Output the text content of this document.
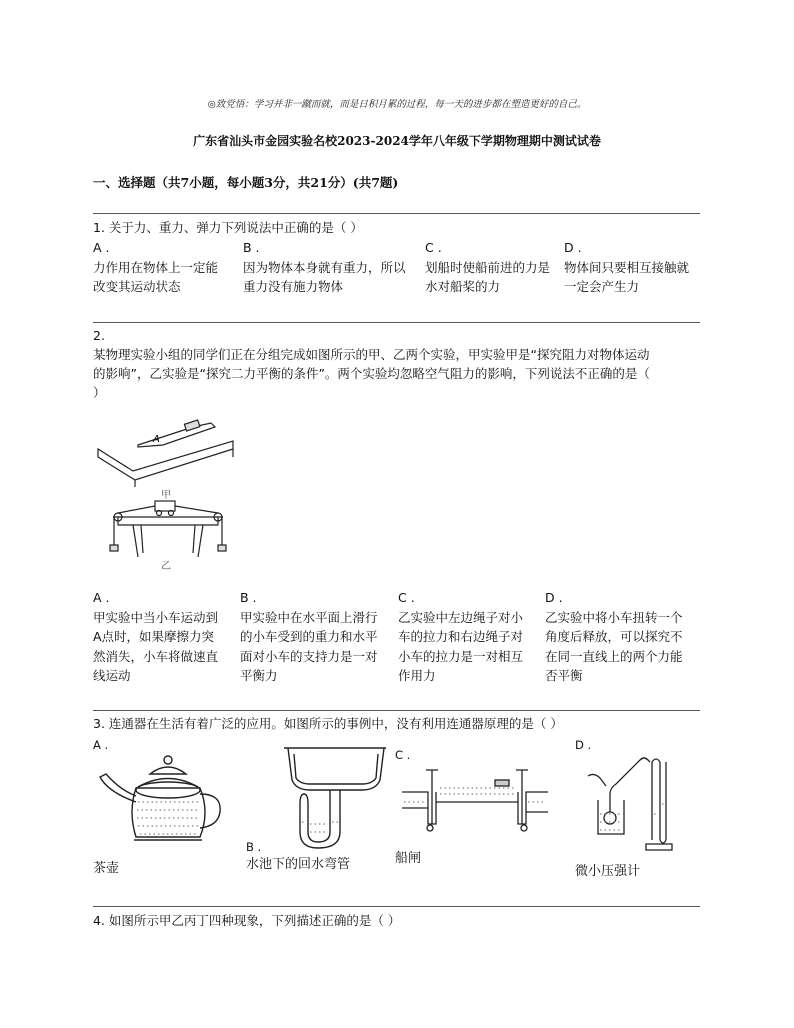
◎致党悟：学习并非一蹴而就，而是日积月累的过程，每一天的进步都在塑造更好的自己。
广东省汕头市金园实验名校2023-2024学年八年级下学期物理期中测试试卷
一、选择题（共7小题，每小题3分，共21分）(共7题)
1. 关于力、重力、弹力下列说法中正确的是（ ）
A .
力作用在物体上一定能
改变其运动状态
B .
因为物体本身就有重力，所以
重力没有施力物体
C .
划船时使船前进的力是
水对船桨的力
D .
物体间只要相互接触就
一定会产生力
2.
某物理实验小组的同学们正在分组完成如图所示的甲、乙两个实验，甲实验甲是“探究阻力对物体运动
的影响”，乙实验是“探究二力平衡的条件”。两个实验均忽略空气阻力的影响，下列说法不正确的是（
）
A
甲
乙
A .
甲实验中当小车运动到
A点时，如果摩擦力突
然消失，小车将做速直
线运动
B .
甲实验中在水平面上滑行
的小车受到的重力和水平
面对小车的支持力是一对
平衡力
C .
乙实验中左边绳子对小
车的拉力和右边绳子对
小车的拉力是一对相互
作用力
D .
乙实验中将小车扭转一个
角度后释放，可以探究不
在同一直线上的两个力能
否平衡
3. 连通器在生活有着广泛的应用。如图所示的事例中，没有利用连通器原理的是（ ）
A .
茶壶
B .
水池下的回水弯管
C .
船闸
D .
微小压强计
4. 如图所示甲乙丙丁四种现象，下列描述正确的是（ ）
